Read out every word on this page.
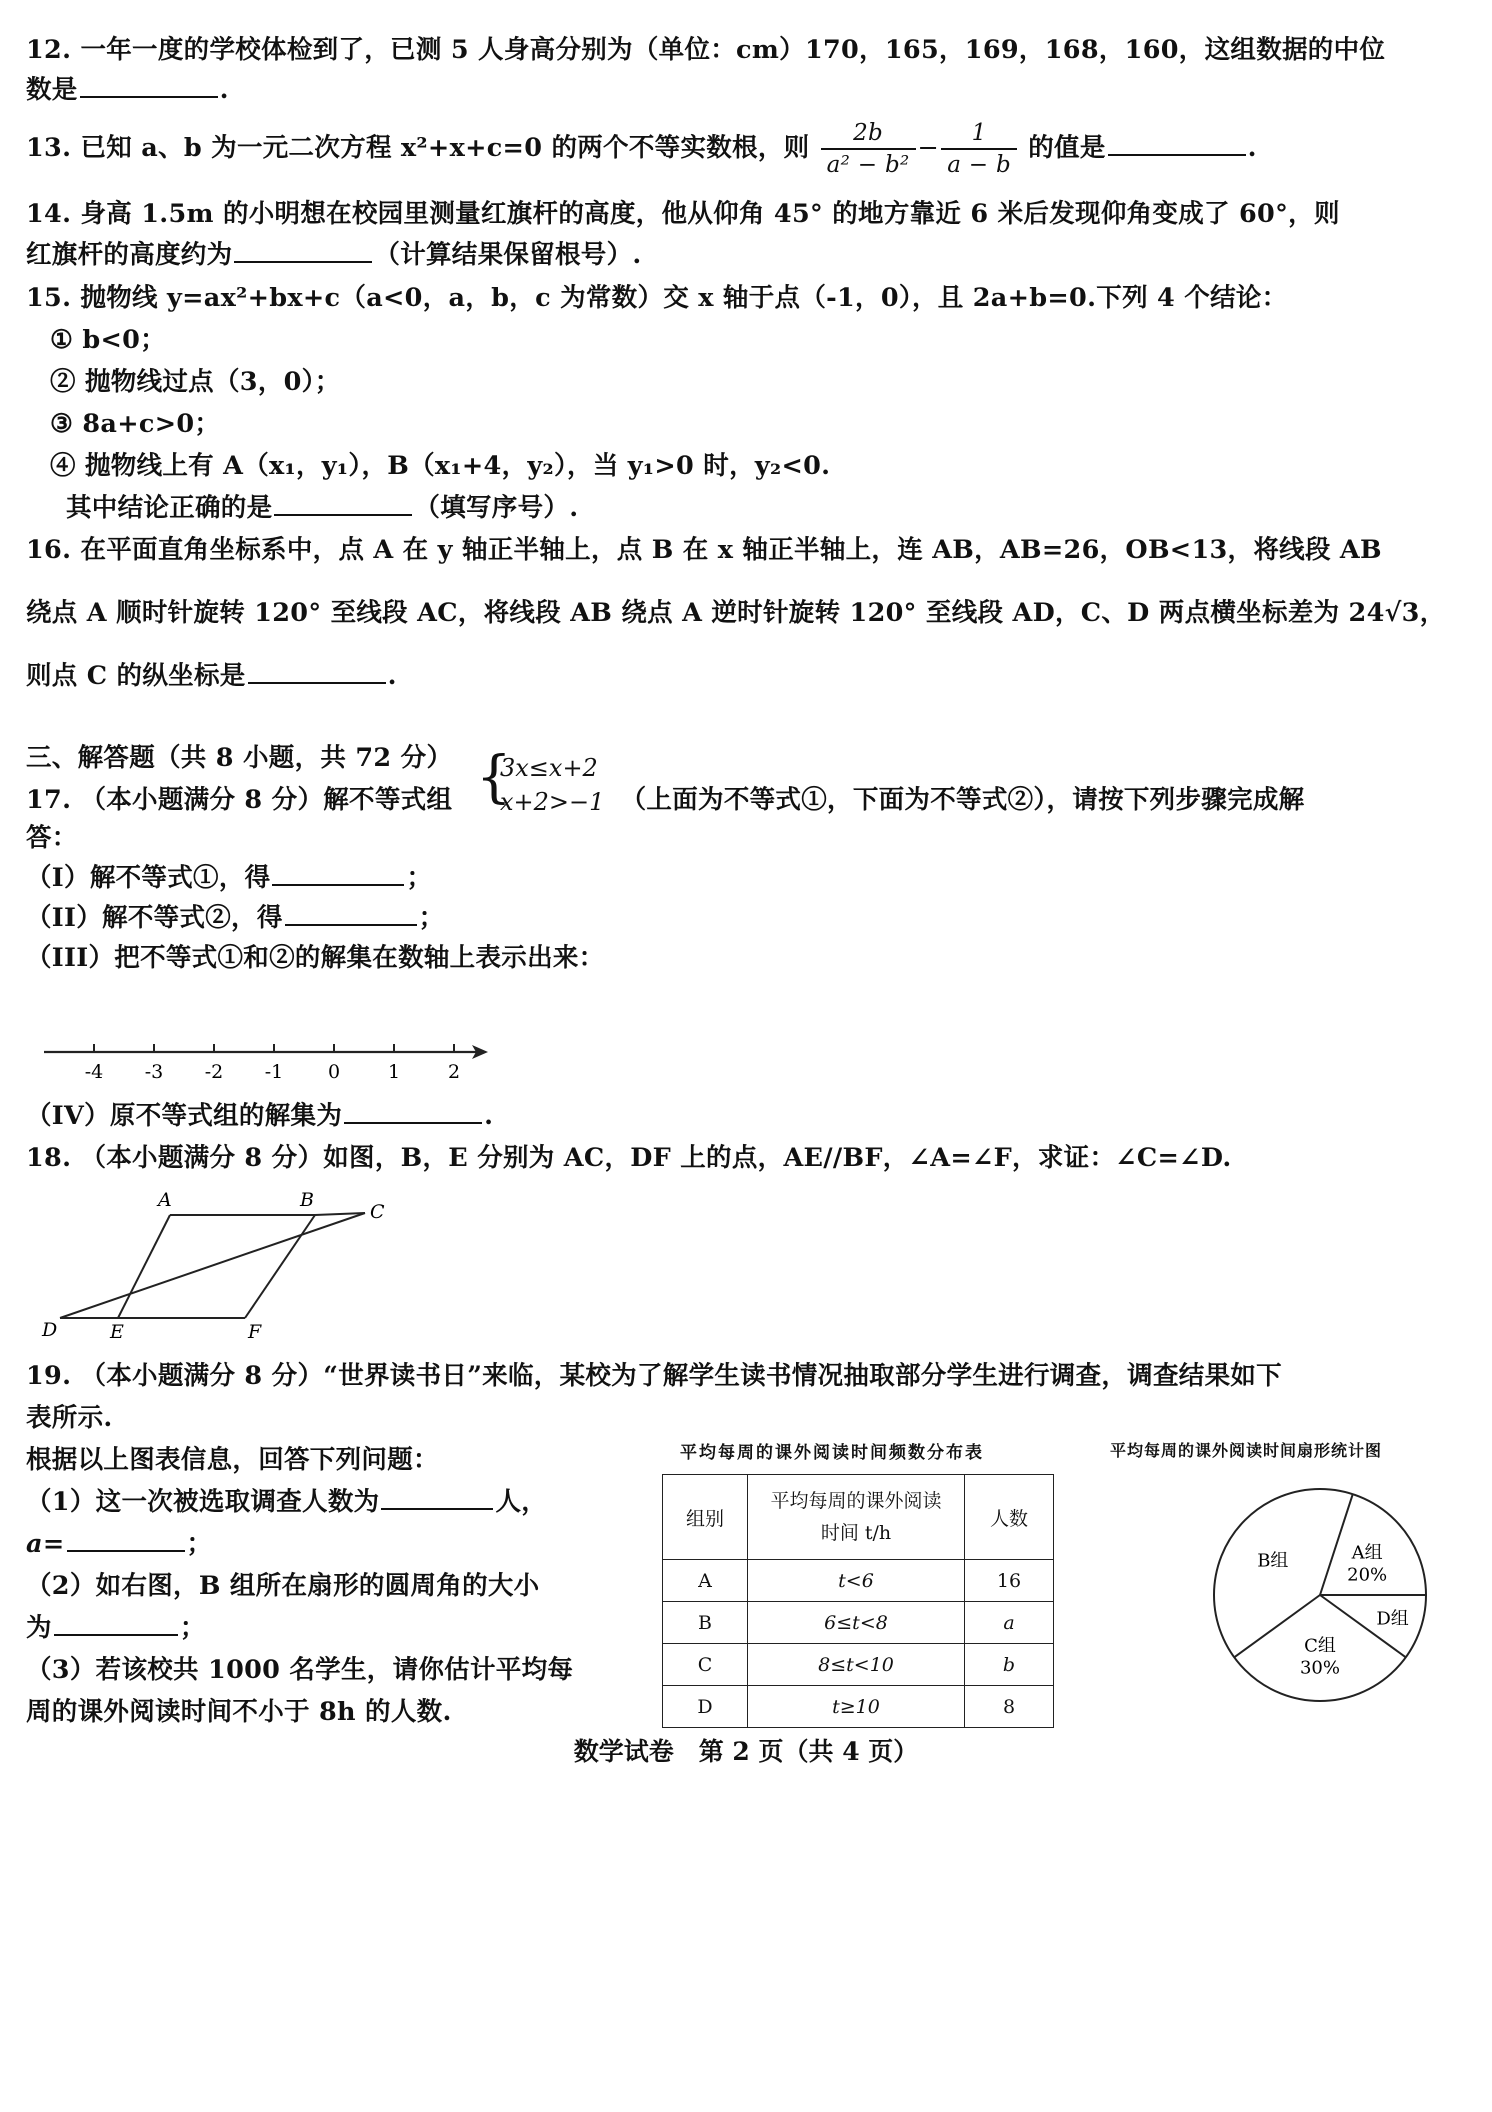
12. 一年一度的学校体检到了，已测 5 人身高分别为（单位：cm）170，165，169，168，160，这组数据的中位
数是	.
13. 已知 a、b 为一元二次方程 x²+x+c=0 的两个不等实数根，则 $\frac{2b}{\text{a² − b²}} - \frac{1}{a - b}$ 的值是	.
14. 身高 1.5m 的小明想在校园里测量红旗杆的高度，他从仰角 45° 的地方靠近 6 米后发现仰角变成了 60°，则
红旗杆的高度约为	（计算结果保留根号）.
15. 抛物线 y=ax²+bx+c（a<0，a，b，c 为常数）交 x 轴于点（-1，0），且 2a+b=0.下列 4 个结论：
① b<0；
② 抛物线过点（3，0）；
③ 8a+c>0；
④ 抛物线上有 A（x₁，y₁），B（x₁+4，y₂），当 y₁>0 时，y₂<0.
其中结论正确的是	（填写序号）.
16. 在平面直角坐标系中，点 A 在 y 轴正半轴上，点 B 在 x 轴正半轴上，连 AB，AB=26，OB<13，将线段 AB
绕点 A 顺时针旋转 120° 至线段 AC，将线段 AB 绕点 A 逆时针旋转 120° 至线段 AD，C、D 两点横坐标差为 24√3，
则点 C 的纵坐标是	.
三、解答题（共 8 小题，共 72 分）
17. （本小题满分 8 分）解不等式组	（上面为不等式①，下面为不等式②），请按下列步骤完成解
{
3x≤x+2
x+2>−1
答：
（I）解不等式①，得	；
（II）解不等式②，得	；
（III）把不等式①和②的解集在数轴上表示出来：
-4 -3 -2 -1 0	1	2
（IV）原不等式组的解集为	.
18. （本小题满分 8 分）如图，B，E 分别为 AC，DF 上的点，AE//BF，∠A=∠F，求证：∠C=∠D.
A	B
C
D	E	F
19. （本小题满分 8 分）“世界读书日”来临，某校为了解学生读书情况抽取部分学生进行调查，调查结果如下
表所示.
根据以上图表信息，回答下列问题：
（1）这一次被选取调查人数为	人，
a=	；
（2）如右图，B 组所在扇形的圆周角的大小
为	；
（3）若该校共 1000 名学生，请你估计平均每
周的课外阅读时间不小于 8h 的人数.
平均每周的课外阅读时间频数分布表
组别	平均每周的课外阅读
时间 t/h	人数
A	t<6	16
B	6≤t<8	a
C	8≤t<10	b
D	t≥10	8
平均每周的课外阅读时间扇形统计图
A组
20%
B组
C组
30%
D组
数学试卷　第 2 页（共 4 页）
